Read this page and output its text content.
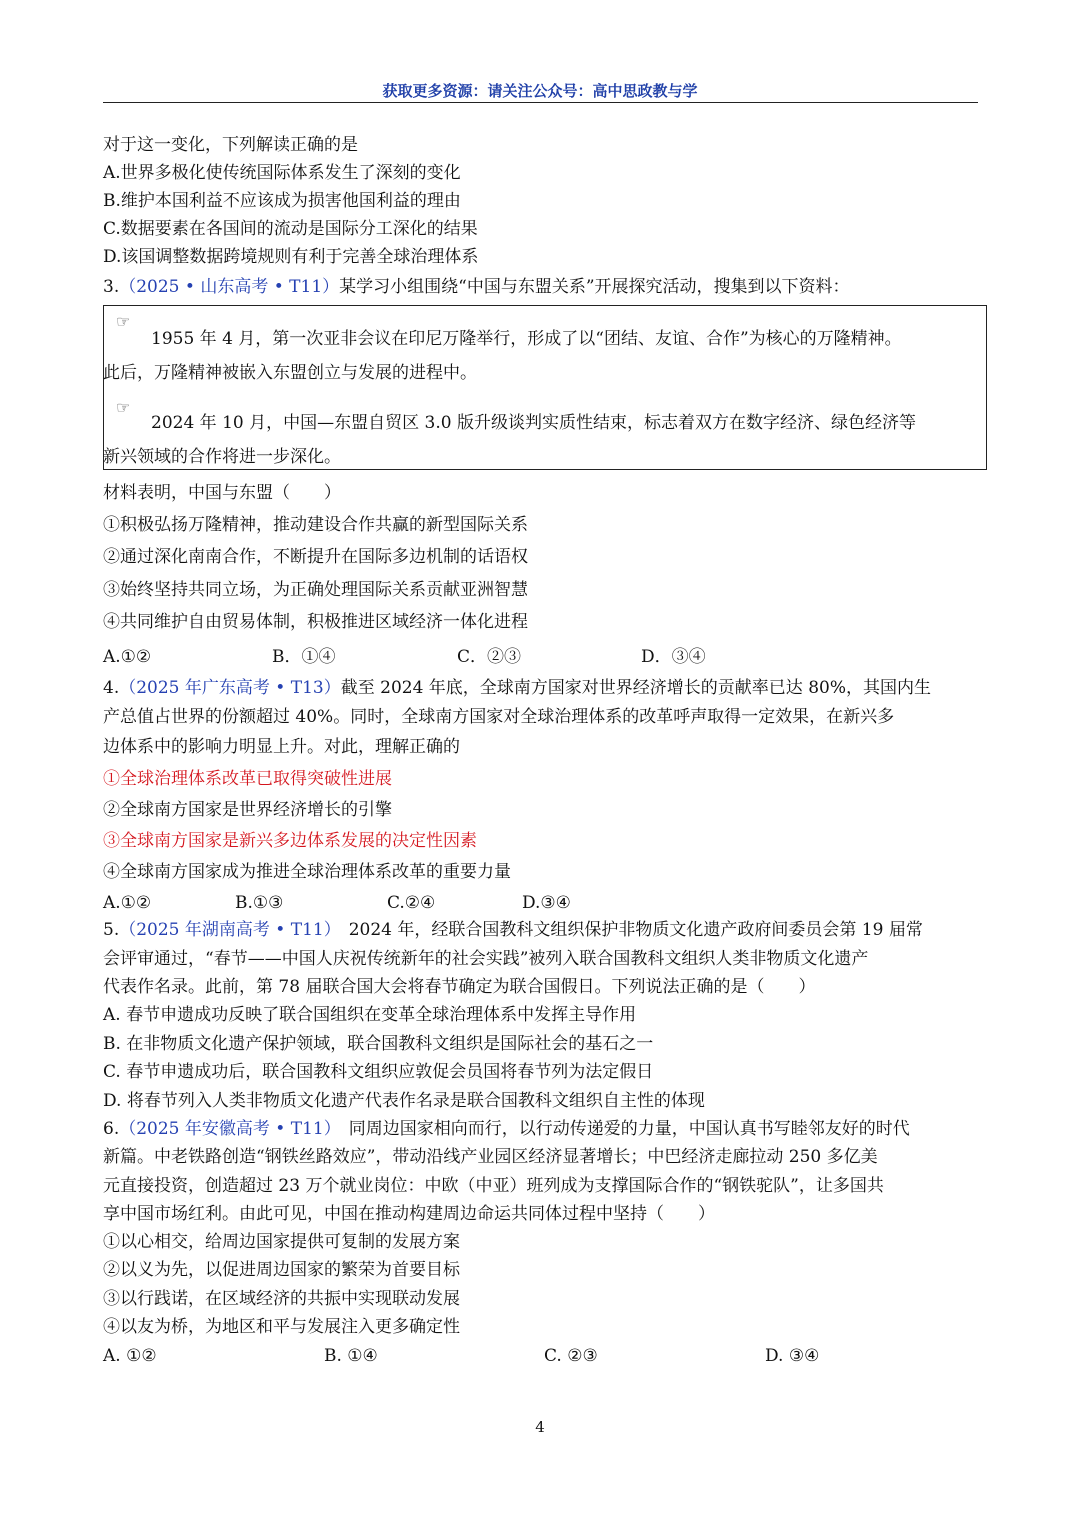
获取更多资源：请关注公众号：高中思政教与学
对于这一变化，下列解读正确的是
A.世界多极化使传统国际体系发生了深刻的变化
B.维护本国利益不应该成为损害他国利益的理由
C.数据要素在各国间的流动是国际分工深化的结果
D.该国调整数据跨境规则有利于完善全球治理体系
3.（2025 • 山东高考 • T11）某学习小组围绕“中国与东盟关系”开展探究活动，搜集到以下资料：
☞
☞
1955 年 4 月，第一次亚非会议在印尼万隆举行，形成了以“团结、友谊、合作”为核心的万隆精神。
此后，万隆精神被嵌入东盟创立与发展的进程中。
2024 年 10 月，中国—东盟自贸区 3.0 版升级谈判实质性结束，标志着双方在数字经济、绿色经济等
新兴领域的合作将进一步深化。
材料表明，中国与东盟（　　）
①积极弘扬万隆精神，推动建设合作共赢的新型国际关系
②通过深化南南合作，不断提升在国际多边机制的话语权
③始终坚持共同立场，为正确处理国际关系贡献亚洲智慧
④共同维护自由贸易体制，积极推进区域经济一体化进程
A.①②	B．①④	C．②③	D．③④
4.（2025 年广东高考 • T13）截至 2024 年底，全球南方国家对世界经济增长的贡献率已达 80%，其国内生
产总值占世界的份额超过 40%。同时，全球南方国家对全球治理体系的改革呼声取得一定效果，在新兴多
边体系中的影响力明显上升。对此，理解正确的
①全球治理体系改革已取得突破性进展
②全球南方国家是世界经济增长的引擎
③全球南方国家是新兴多边体系发展的决定性因素
④全球南方国家成为推进全球治理体系改革的重要力量
A.①②	B.①③	C.②④	D.③④
5.（2025 年湖南高考 • T11） 2024 年，经联合国教科文组织保护非物质文化遗产政府间委员会第 19 届常
会评审通过，“春节——中国人庆祝传统新年的社会实践”被列入联合国教科文组织人类非物质文化遗产
代表作名录。此前，第 78 届联合国大会将春节确定为联合国假日。下列说法正确的是（　　）
A. 春节申遗成功反映了联合国组织在变革全球治理体系中发挥主导作用
B. 在非物质文化遗产保护领域，联合国教科文组织是国际社会的基石之一
C. 春节申遗成功后，联合国教科文组织应敦促会员国将春节列为法定假日
D. 将春节列入人类非物质文化遗产代表作名录是联合国教科文组织自主性的体现
6.（2025 年安徽高考 • T11） 同周边国家相向而行，以行动传递爱的力量，中国认真书写睦邻友好的时代
新篇。中老铁路创造“钢铁丝路效应”，带动沿线产业园区经济显著增长；中巴经济走廊拉动 250 多亿美
元直接投资，创造超过 23 万个就业岗位：中欧（中亚）班列成为支撑国际合作的“钢铁驼队”，让多国共
享中国市场红利。由此可见，中国在推动构建周边命运共同体过程中坚持（　　）
①以心相交，给周边国家提供可复制的发展方案
②以义为先，以促进周边国家的繁荣为首要目标
③以行践诺，在区域经济的共振中实现联动发展
④以友为桥，为地区和平与发展注入更多确定性
A. ①②	B. ①④	C. ②③	D. ③④
4
